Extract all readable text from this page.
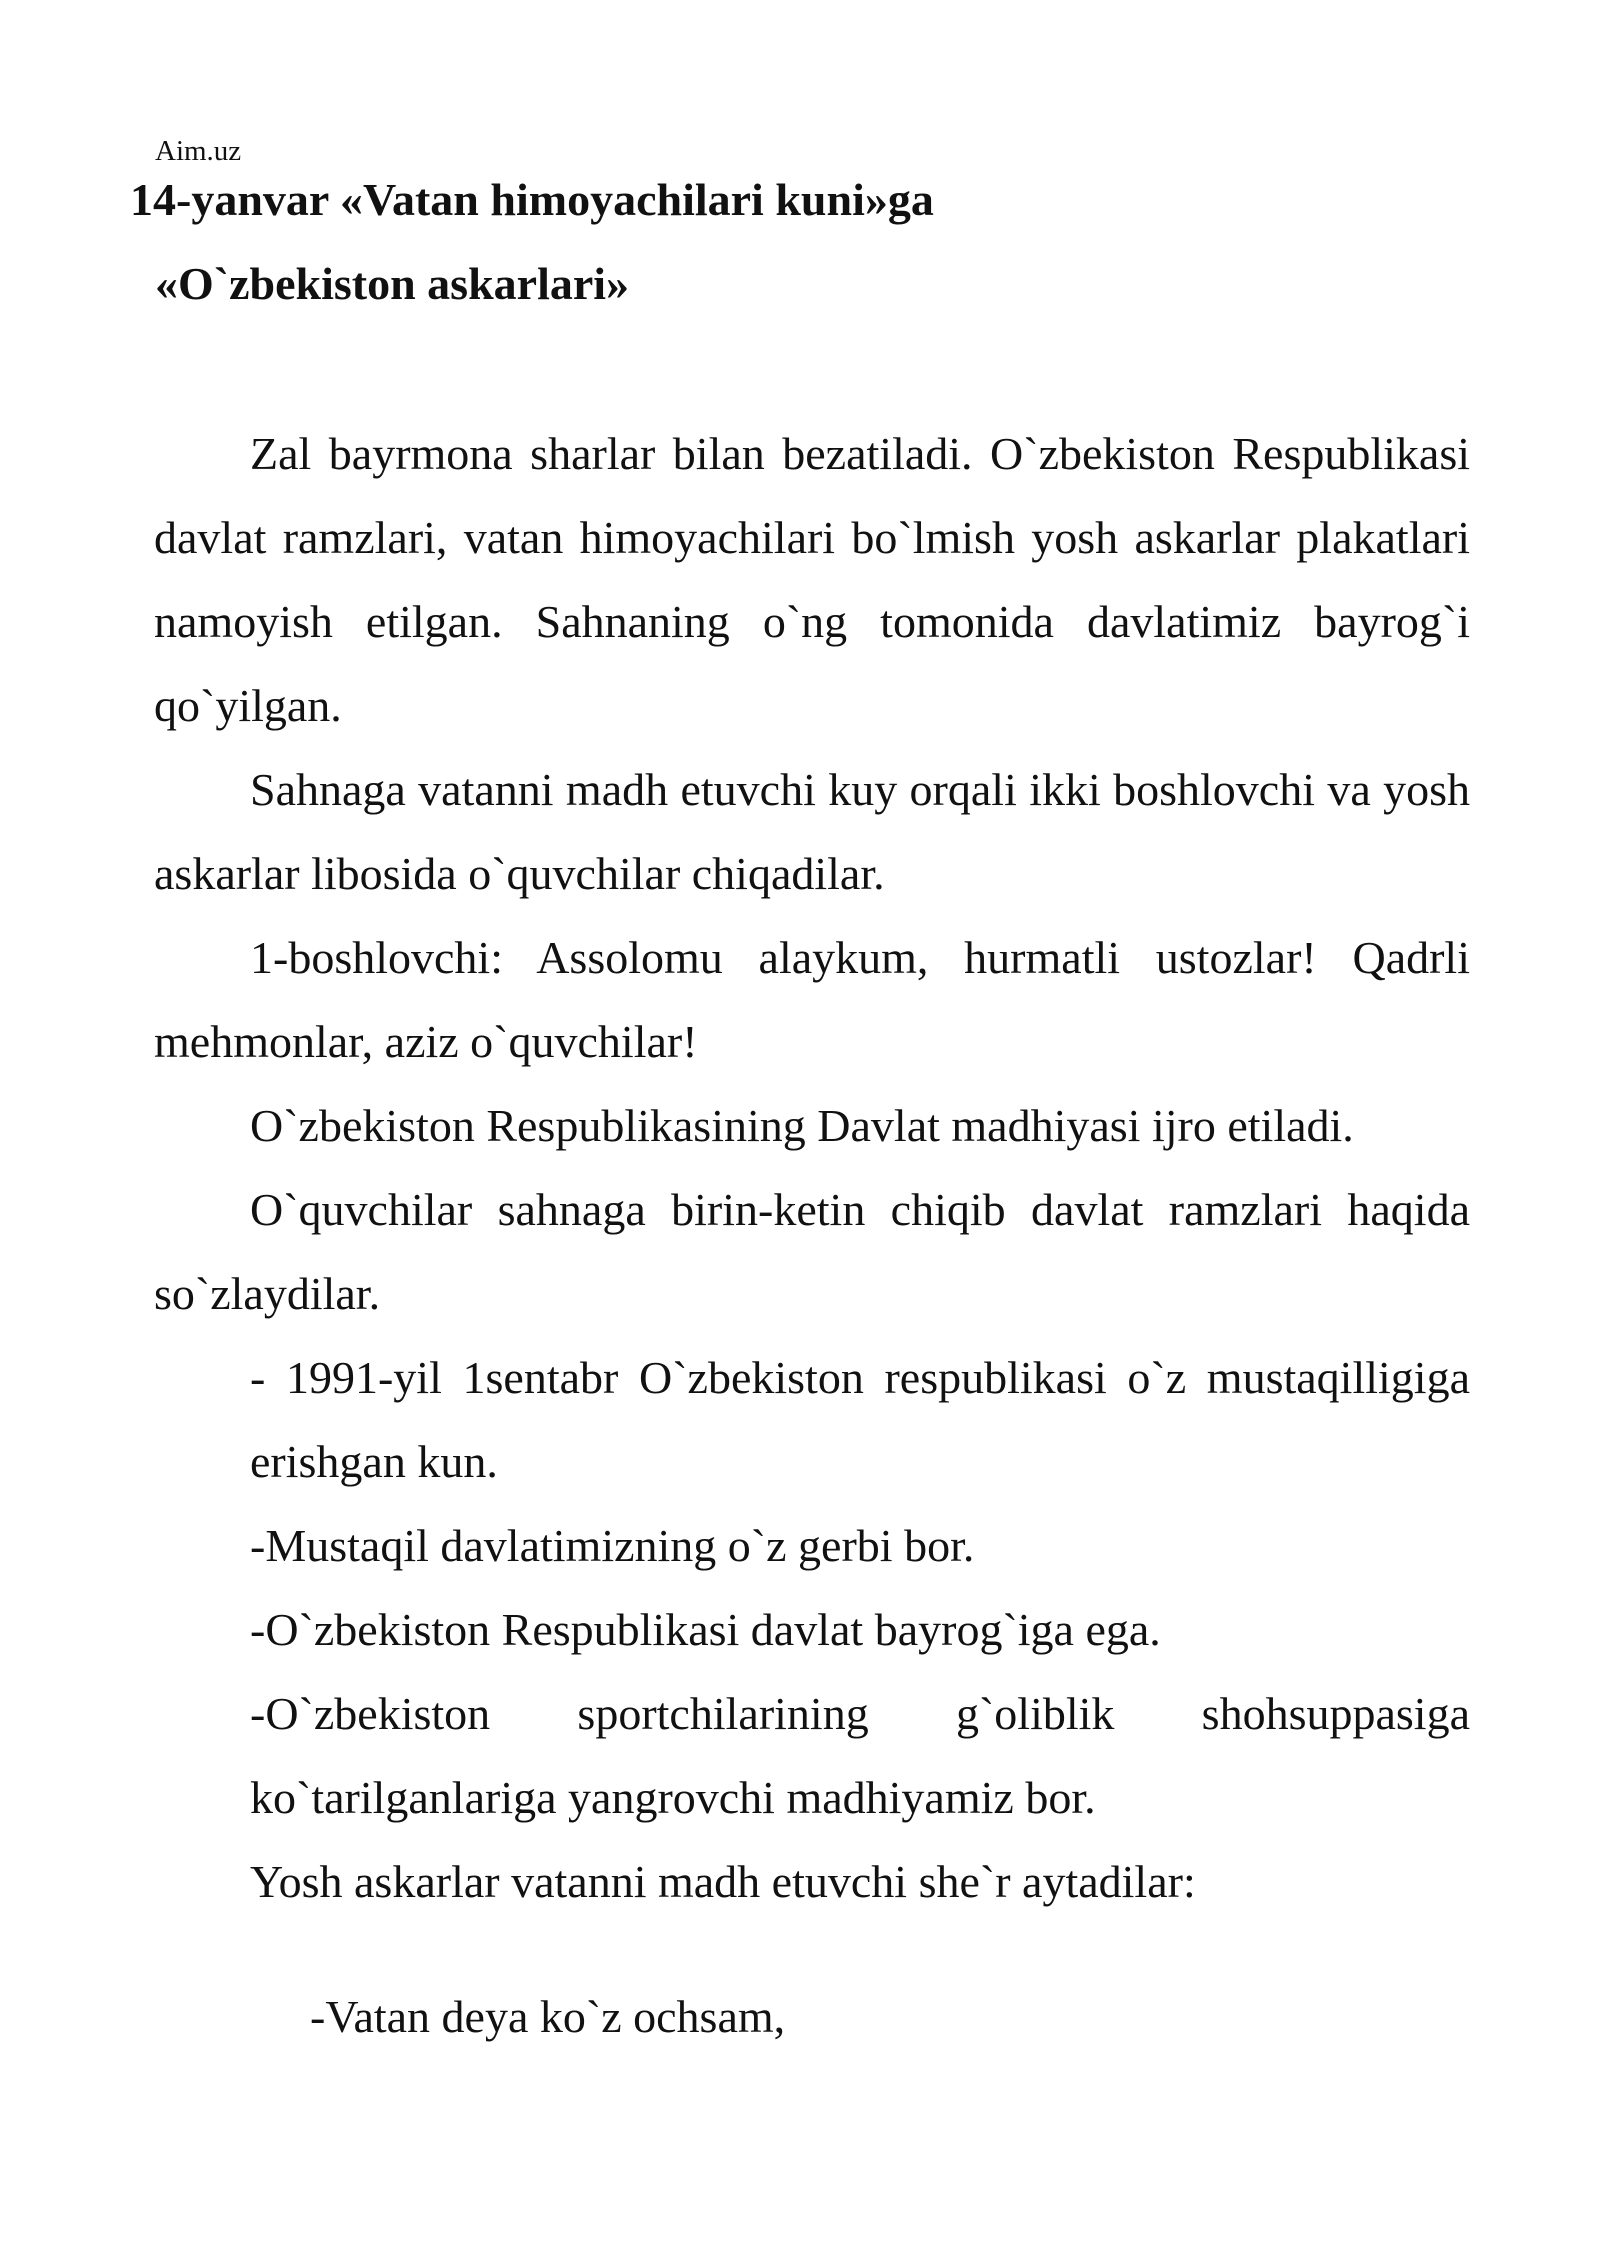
Aim.uz
14-yanvar «Vatan himoyachilari kuni»ga
«O`zbekiston askarlari»

Zal bayrmona sharlar bilan bezatiladi. O`zbekiston Respublikasi davlat ramzlari, vatan himoyachilari bo`lmish yosh askarlar plakatlari namoyish etilgan. Sahnaning o`ng tomonida davlatimiz bayrog`i qo`yilgan.

Sahnaga vatanni madh etuvchi kuy orqali ikki boshlovchi va yosh askarlar libosida o`quvchilar chiqadilar.

1-boshlovchi: Assolomu alaykum, hurmatli ustozlar! Qadrli mehmonlar, aziz o`quvchilar!

O`zbekiston Respublikasining Davlat madhiyasi ijro etiladi.

O`quvchilar sahnaga birin-ketin chiqib davlat ramzlari haqida so`zlaydilar.

- 1991-yil 1sentabr O`zbekiston respublikasi o`z mustaqilligiga erishgan kun.

-Mustaqil davlatimizning o`z gerbi bor.

-O`zbekiston Respublikasi davlat bayrog`iga ega.

-O`zbekiston sportchilarining g`oliblik shohsuppasiga ko`tarilganlariga yangrovchi madhiyamiz bor.

Yosh askarlar vatanni madh etuvchi she`r aytadilar:

-Vatan deya ko`z ochsam,
